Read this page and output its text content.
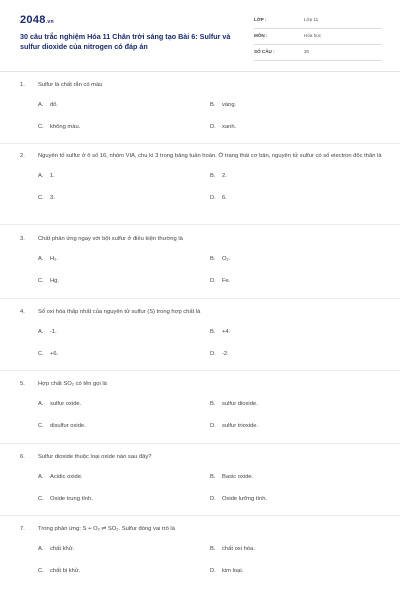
2048.vn
30 câu trắc nghiệm Hóa 11 Chân trời sáng tạo Bài 6: Sulfur và sulfur dioxide của nitrogen có đáp án
LỚP :	Lớp 11
MÔN :	Hóa học
SỐ CÂU :	30
1. Sulfur là chất rắn có màu
A. đỏ.	B. vàng.
C. không màu.	D. xanh.
2. Nguyên tố sulfur ở ô số 16, nhóm VIA, chu kì 3 trong bảng tuần hoàn. Ở trạng thái cơ bản, nguyên tử sulfur có số electron độc thân là
A. 1.	B. 2.
C. 3.	D. 6.
3. Chất phản ứng ngay với bột sulfur ở điều kiện thường là
A. H₂.	B. O₂.
C. Hg.	D. Fe.
4. Số oxi hóa thấp nhất của nguyên tử sulfur (S) trong hợp chất là
A. -1.	B. +4.
C. +6.	D. -2.
5. Hợp chất SO₂ có tên gọi là
A. sulfur oxide.	B. sulfur dioxide.
C. disulfur oxide.	D. sulfur trioxide.
6. Sulfur dioxide thuộc loại oxide nào sau đây?
A. Acidic oxide.	B. Basic oxide.
C. Oxide trung tính.	D. Oxide lưỡng tính.
7. Trong phản ứng: S + O₂ ⇌ SO₂. Sulfur đóng vai trò là
A. chất khử.	B. chất oxi hóa.
C. chất bị khử.	D. kim loại.
